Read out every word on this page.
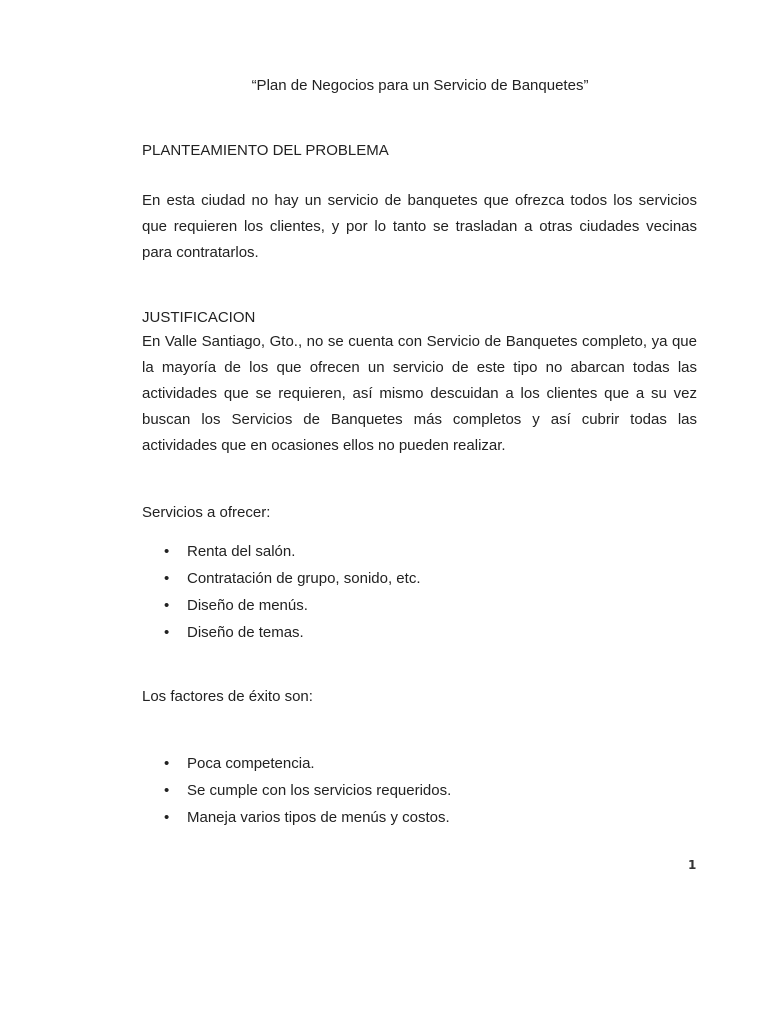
“Plan de Negocios para un Servicio de Banquetes”
PLANTEAMIENTO DEL PROBLEMA
En esta ciudad no hay un servicio de banquetes que ofrezca todos los servicios que requieren los clientes, y por lo tanto se trasladan a otras ciudades vecinas para contratarlos.
JUSTIFICACION
En Valle Santiago, Gto., no se cuenta con Servicio de Banquetes completo, ya que la mayoría de los que ofrecen un servicio de este tipo no abarcan todas las actividades que se requieren, así mismo descuidan a los clientes que a su vez buscan los Servicios de Banquetes más completos y así cubrir todas las actividades que en ocasiones ellos no pueden realizar.
Servicios a ofrecer:
• Renta del salón.
• Contratación de grupo, sonido, etc.
• Diseño de menús.
• Diseño de temas.
Los factores de éxito son:
• Poca competencia.
• Se cumple con los servicios requeridos.
• Maneja varios tipos de menús y costos.
1
